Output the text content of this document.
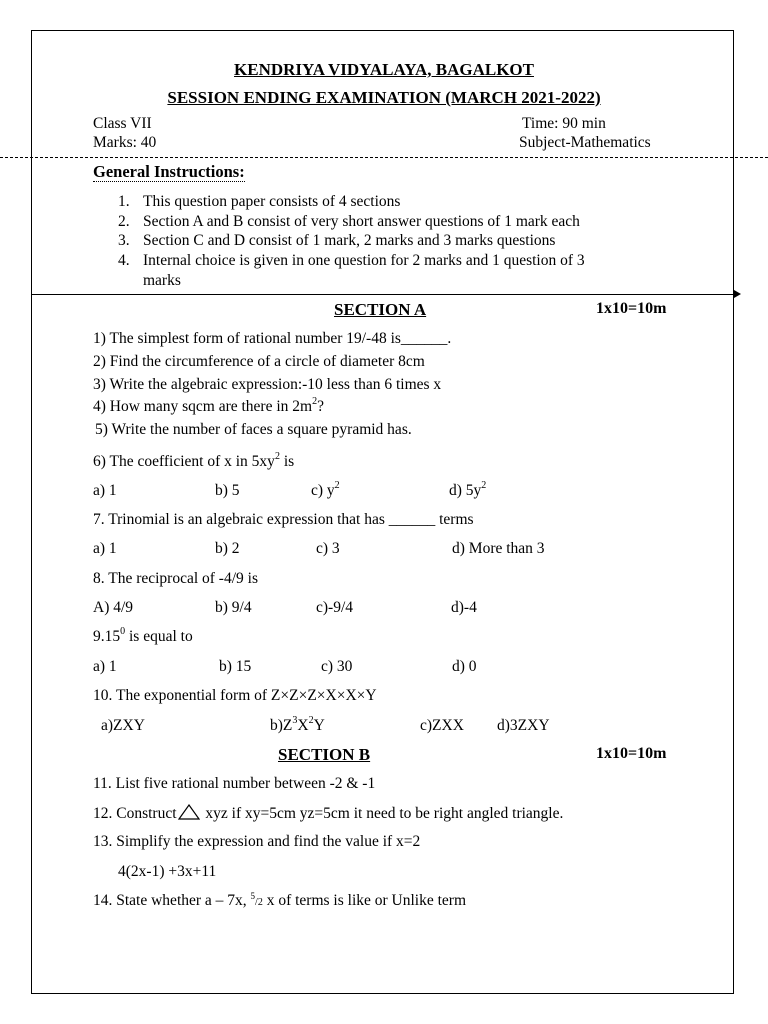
KENDRIYA VIDYALAYA, BAGALKOT
SESSION ENDING EXAMINATION (MARCH 2021-2022)
Class VII	Time: 90 min
Marks: 40	Subject-Mathematics
General Instructions:
1. This question paper consists of 4 sections
2. Section A and B consist of very short answer questions of 1 mark each
3. Section C and D consist of 1 mark, 2 marks and 3 marks questions
4. Internal choice is given in one question for 2 marks and 1 question of 3
marks
SECTION A	1x10=10m
1) The simplest form of rational number 19/-48 is______.
2) Find the circumference of a circle of diameter 8cm
3) Write the algebraic expression:-10 less than 6 times x
4) How many sqcm are there in $2m^2$?
5) Write the number of faces a square pyramid has.
6) The coefficient of x in $5xy^2$ is
a) 1	b) 5	c) $y^2$	d) $5y^2$
7. Trinomial is an algebraic expression that has ______ terms
a) 1	b) 2	c) 3	d) More than 3
8. The reciprocal of -4/9 is
A) 4/9	b) 9/4	c)-9/4	d)-4
9.15$^0$ is equal to
a) 1	b) 15	c) 30	d) 0
10. The exponential form of Z×Z×Z×X×X×Y
a)ZXY	$b)Z^3X^2Y$	c)ZXX d)3ZXY
SECTION B	1x10=10m
11. List five rational number between -2 & -1
12. Construct xyz if xy=5cm yz=5cm it need to be right angled triangle.
13. Simplify the expression and find the value if x=2
4(2x-1) +3x+11
14. State whether a – 7x, $^5$/2 x of terms is like or Unlike term
